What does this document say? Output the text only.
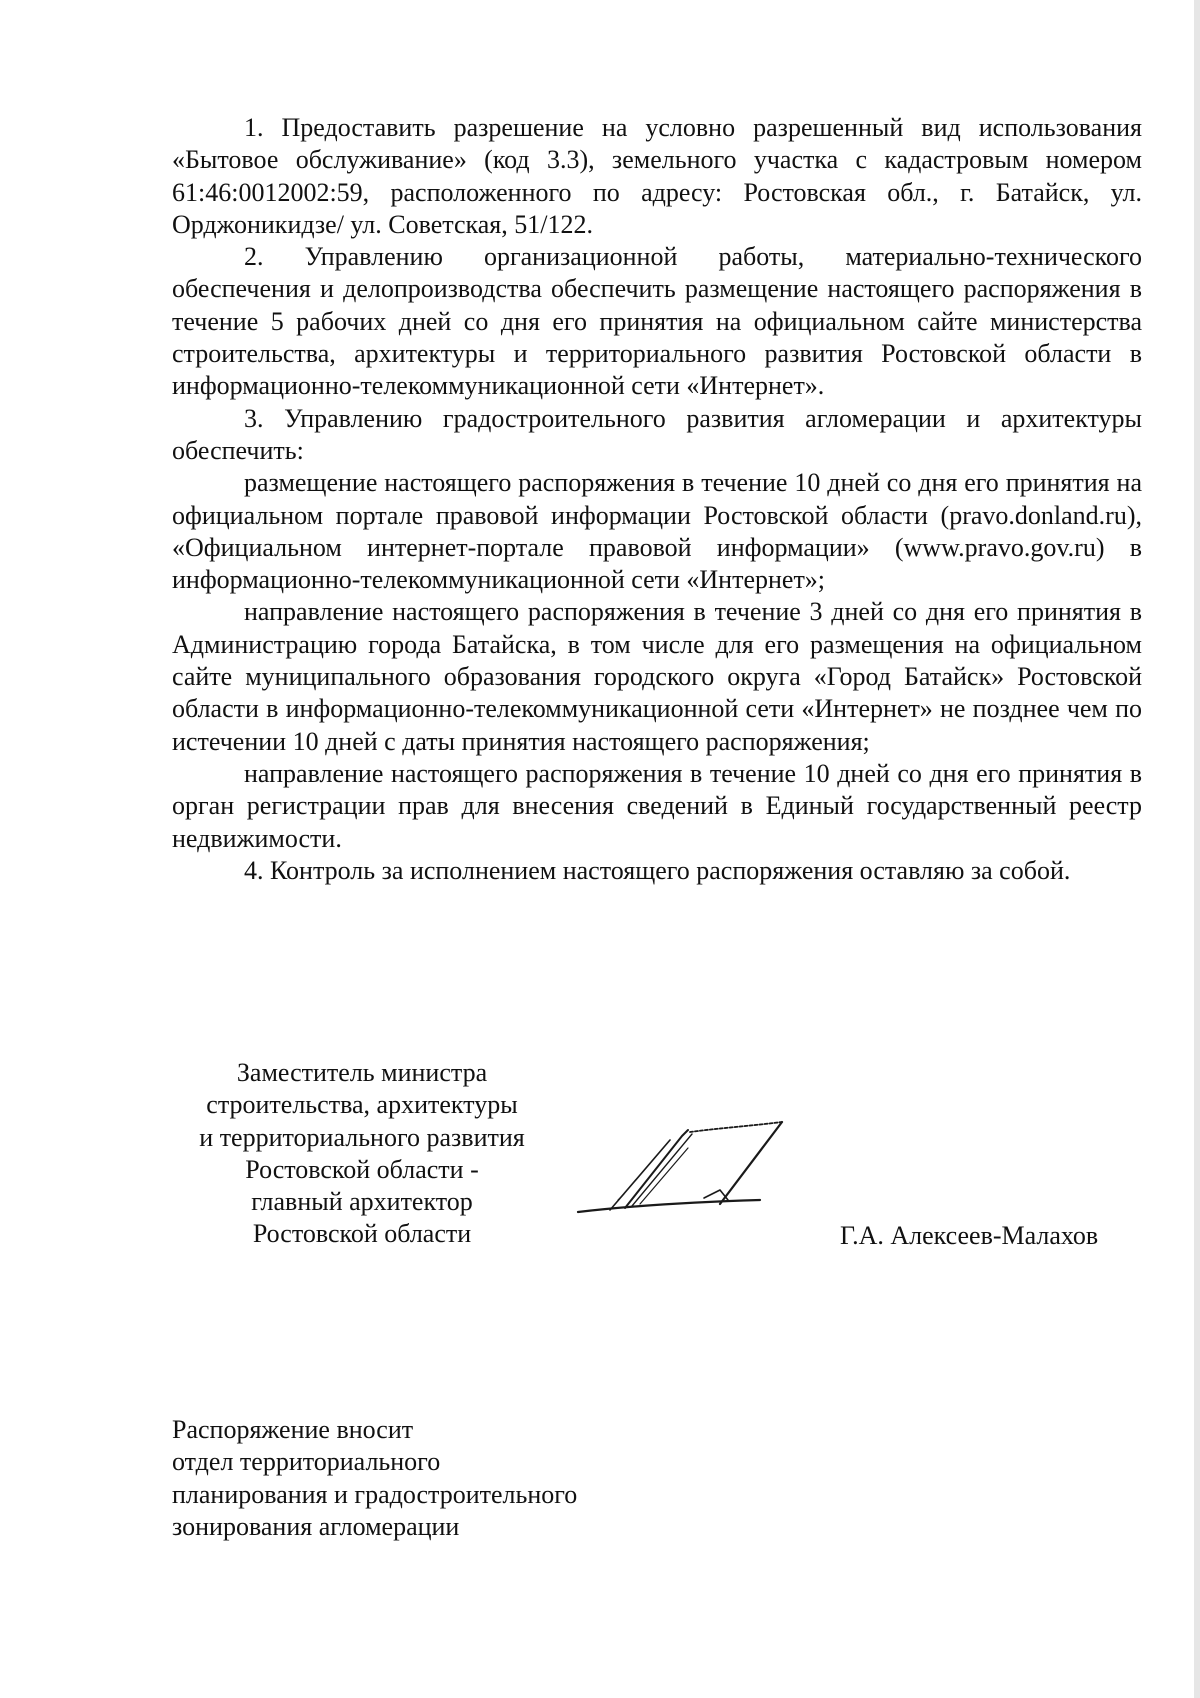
1. Предоставить разрешение на условно разрешенный вид использования «Бытовое обслуживание» (код 3.3), земельного участка с кадастровым номером 61:46:0012002:59, расположенного по адресу: Ростовская обл., г. Батайск, ул. Орджоникидзе/ ул. Советская, 51/122.

2. Управлению организационной работы, материально-технического обеспечения и делопроизводства обеспечить размещение настоящего распоряжения в течение 5 рабочих дней со дня его принятия на официальном сайте министерства строительства, архитектуры и территориального развития Ростовской области в информационно-телекоммуникационной сети «Интернет».

3. Управлению градостроительного развития агломерации и архитектуры обеспечить:

размещение настоящего распоряжения в течение 10 дней со дня его принятия на официальном портале правовой информации Ростовской области (pravo.donland.ru), «Официальном интернет-портале правовой информации» (www.pravo.gov.ru) в информационно-телекоммуникационной сети «Интернет»;

направление настоящего распоряжения в течение 3 дней со дня его принятия в Администрацию города Батайска, в том числе для его размещения на официальном сайте муниципального образования городского округа «Город Батайск» Ростовской области в информационно-телекоммуникационной сети «Интернет» не позднее чем по истечении 10 дней с даты принятия настоящего распоряжения;

направление настоящего распоряжения в течение 10 дней со дня его принятия в орган регистрации прав для внесения сведений в Единый государственный реестр недвижимости.

4. Контроль за исполнением настоящего распоряжения оставляю за собой.

Заместитель министра
строительства, архитектуры
и территориального развития
Ростовской области -
главный архитектор
Ростовской области	Г.А. Алексеев-Малахов
Распоряжение вносит
отдел территориального
планирования и градостроительного
зонирования агломерации
